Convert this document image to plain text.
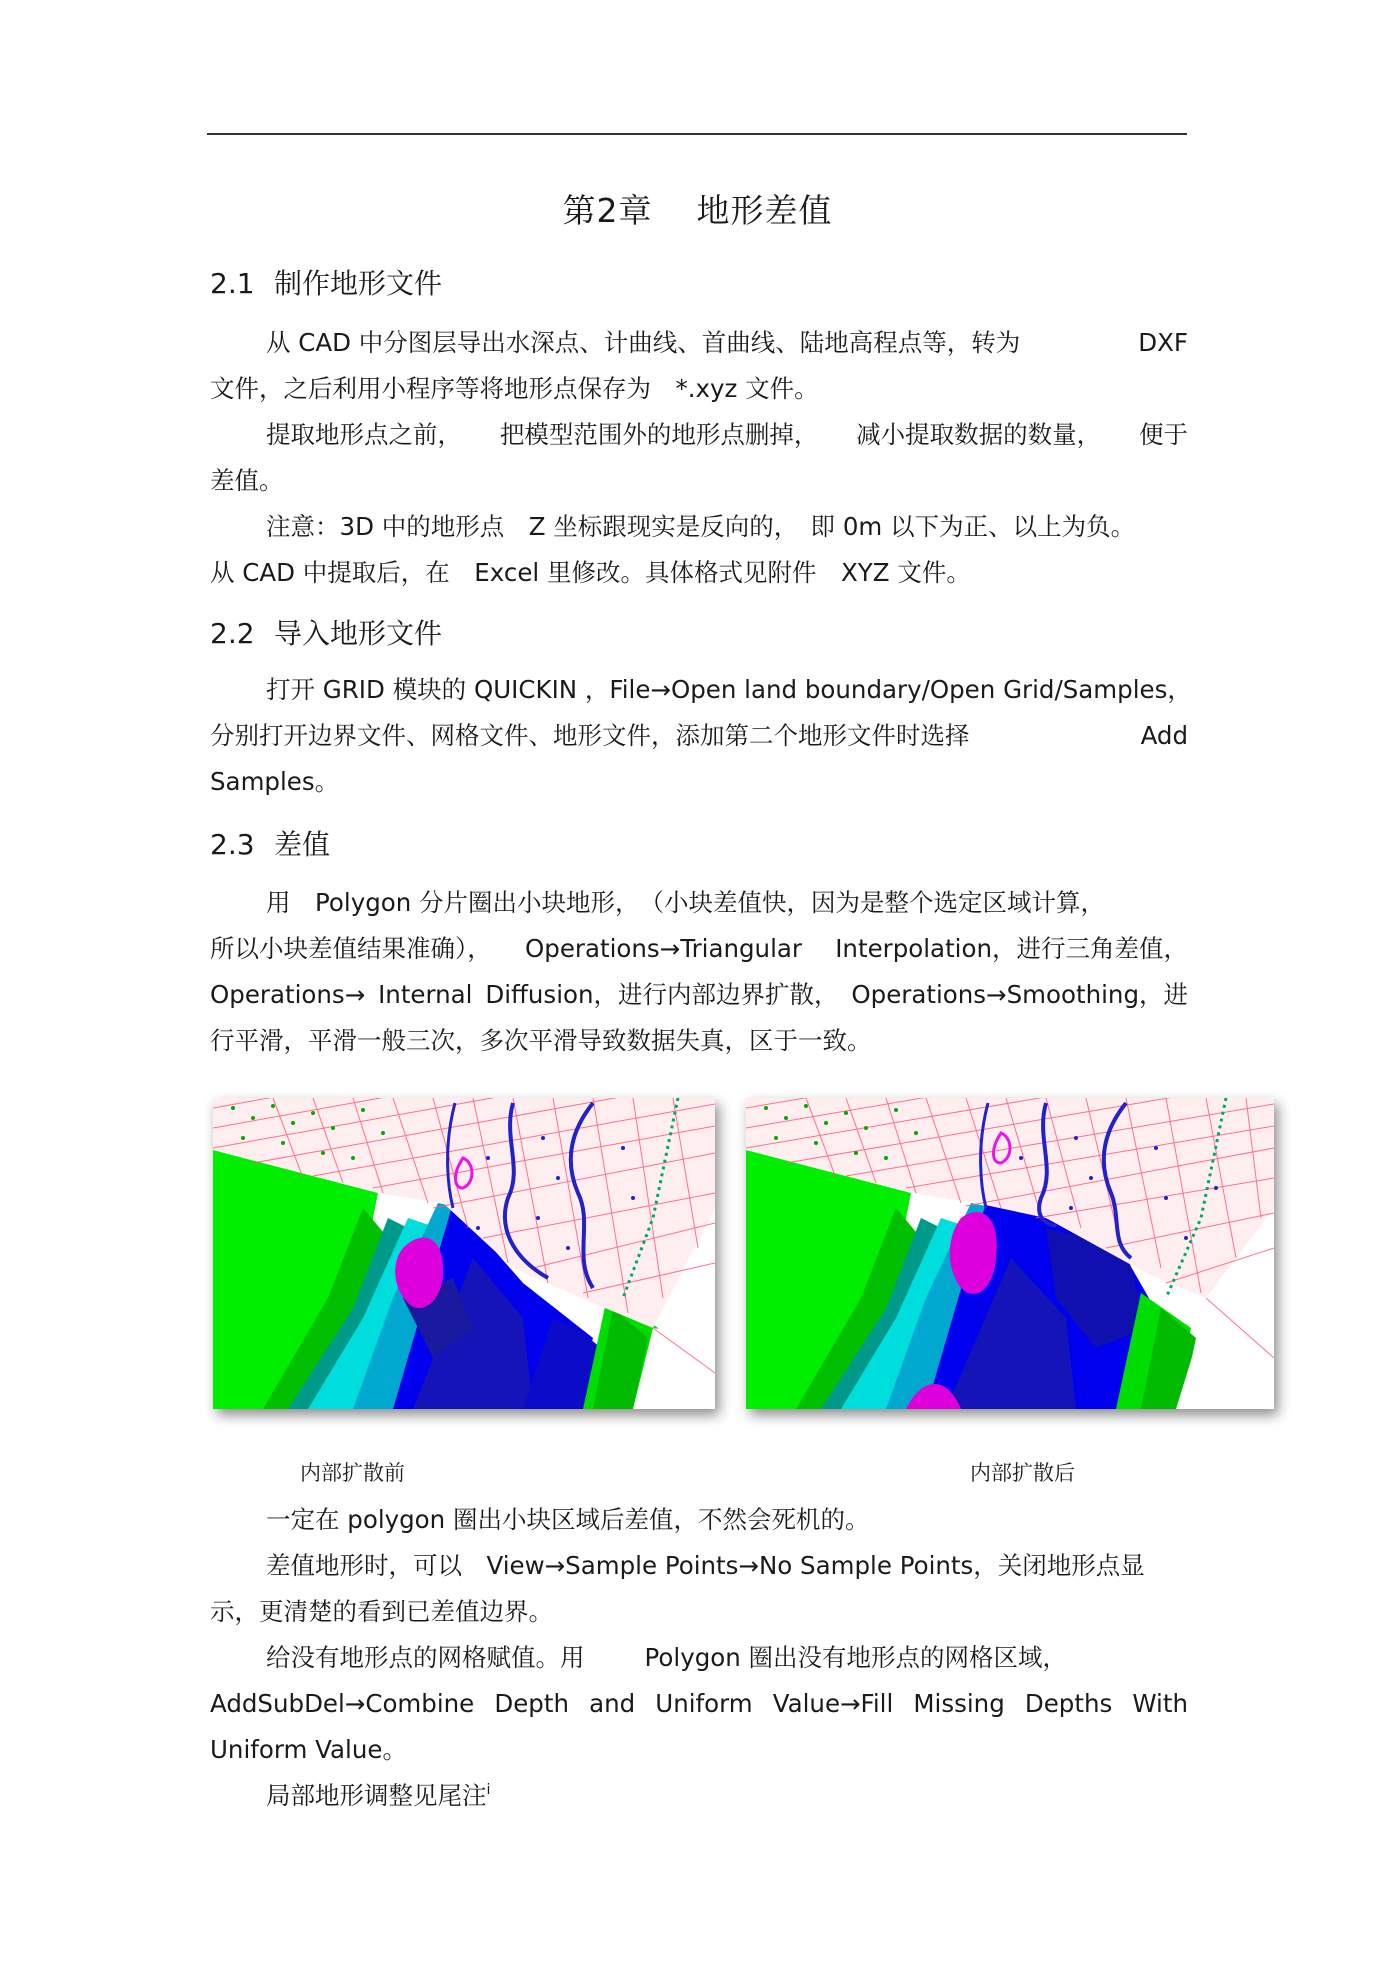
第2章 地形差值
2.1 制作地形文件
从 CAD 中分图层导出水深点、计曲线、首曲线、陆地高程点等，转为	DXF
文件，之后利用小程序等将地形点保存为　*.xyz 文件。
提取地形点之前， 把模型范围外的地形点删掉， 减小提取数据的数量， 便于
差值。
注意：3D 中的地形点　Z 坐标跟现实是反向的，　即 0m 以下为正、以上为负。
从 CAD 中提取后，在　Excel 里修改。具体格式见附件　XYZ 文件。
2.2 导入地形文件
打开 GRID 模块的 QUICKIN ，File→Open land boundary/Open Grid/Samples，
分别打开边界文件、网格文件、地形文件，添加第二个地形文件时选择	Add
Samples。
2.3 差值
用　Polygon 分片圈出小块地形，　（小块差值快，因为是整个选定区域计算，
所以小块差值结果准确）， Operations→Triangular Interpolation，进行三角差值，
Operations→ Internal Diffusion，进行内部边界扩散， Operations→Smoothing，进
行平滑，平滑一般三次，多次平滑导致数据失真，区于一致。
内部扩散前	内部扩散后
一定在 polygon 圈出小块区域后差值，不然会死机的。
差值地形时，可以　View→Sample Points→No Sample Points，关闭地形点显
示，更清楚的看到已差值边界。
给没有地形点的网格赋值。用 Polygon 圈出没有地形点的网格区域，
AddSubDel→Combine Depth and Uniform Value→Fill Missing Depths With
Uniform Value。
局部地形调整见尾注$^i$
